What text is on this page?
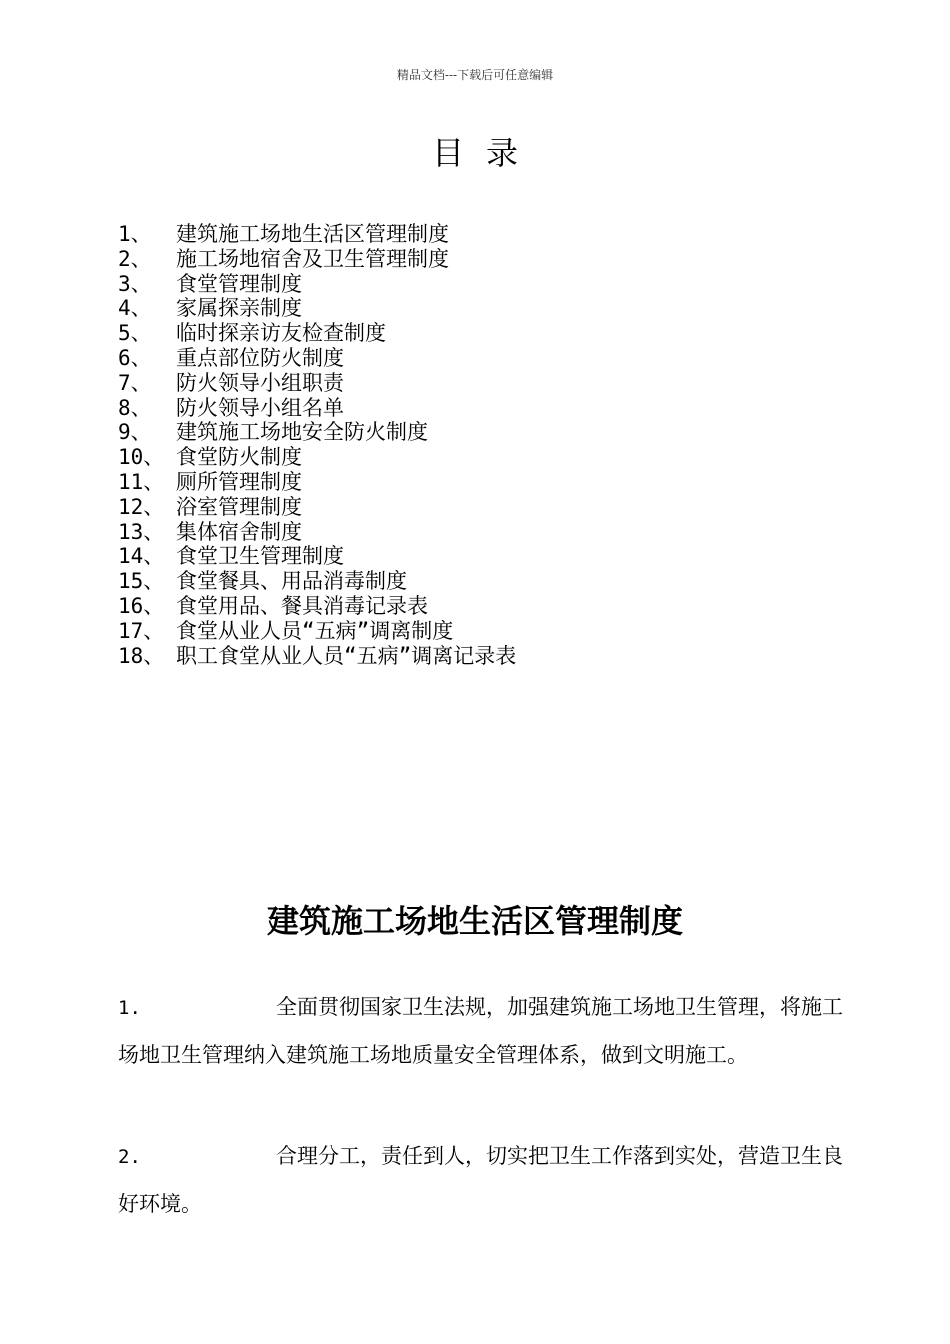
精品文档---下载后可任意编辑
目录
1、	建筑施工场地生活区管理制度
2、	施工场地宿舍及卫生管理制度
3、	食堂管理制度
4、	家属探亲制度
5、	临时探亲访友检查制度
6、	重点部位防火制度
7、	防火领导小组职责
8、	防火领导小组名单
9、	建筑施工场地安全防火制度
10、 食堂防火制度
11、 厕所管理制度
12、 浴室管理制度
13、 集体宿舍制度
14、 食堂卫生管理制度
15、 食堂餐具、用品消毒制度
16、 食堂用品、餐具消毒记录表
17、 食堂从业人员“五病”调离制度
18、 职工食堂从业人员“五病”调离记录表
建筑施工场地生活区管理制度
1.	全面贯彻国家卫生法规，加强建筑施工场地卫生管理，将施工场地卫生管理纳入建筑施工场地质量安全管理体系，做到文明施工。
2.	合理分工，责任到人，切实把卫生工作落到实处，营造卫生良好环境。
